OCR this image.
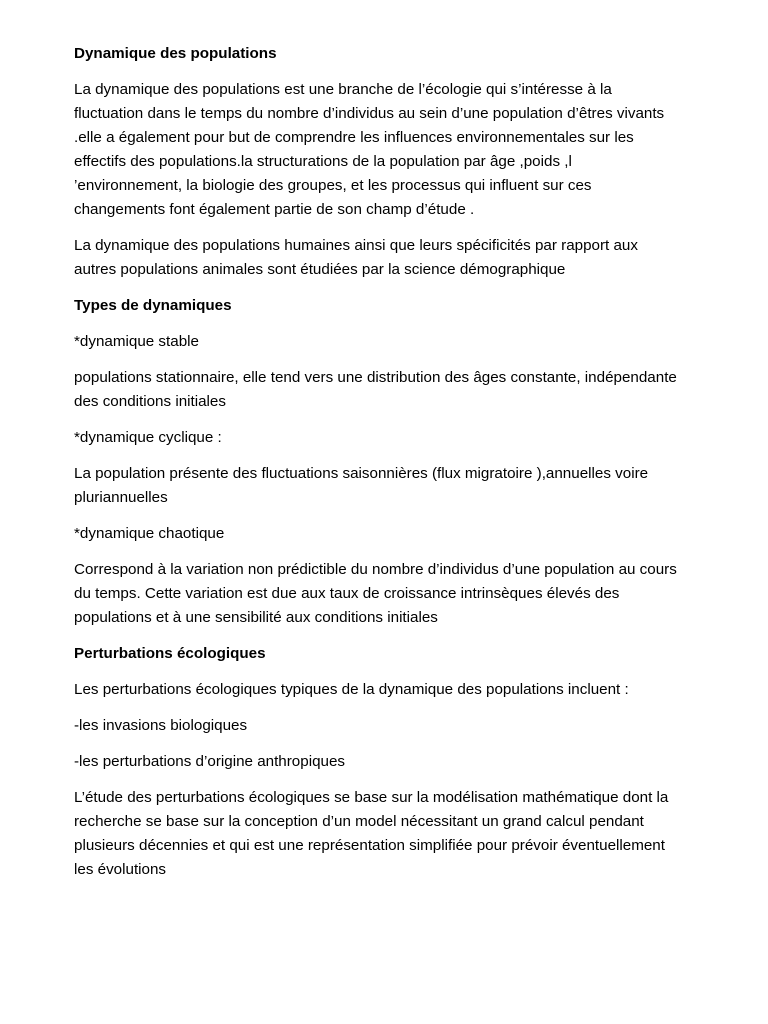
Dynamique des populations

La dynamique des populations est une branche de l’écologie qui s’intéresse à la fluctuation dans le temps du nombre d’individus au sein d’une population d’êtres vivants .elle a également pour but de comprendre les influences environnementales sur les effectifs des populations.la structurations de la population par âge ,poids ,l ’environnement, la biologie des groupes, et les processus qui influent sur ces changements font également partie de son champ d’étude .

La dynamique des populations humaines ainsi que leurs spécificités par rapport aux autres populations animales sont étudiées par la science démographique

Types de dynamiques

*dynamique stable

populations stationnaire, elle tend vers une distribution des âges constante, indépendante des conditions initiales

*dynamique cyclique :

La population présente des fluctuations saisonnières (flux migratoire ),annuelles voire pluriannuelles

*dynamique chaotique

Correspond à la variation non prédictible du nombre d’individus d’une population au cours du temps. Cette variation est due aux taux de croissance intrinsèques élevés des populations et à une sensibilité aux conditions initiales

Perturbations écologiques

Les perturbations écologiques typiques de la dynamique des populations incluent :

-les invasions biologiques

-les perturbations d’origine anthropiques

L’étude des perturbations écologiques se base sur la modélisation mathématique dont la recherche se base sur la conception d’un model nécessitant un grand calcul pendant plusieurs décennies et qui est une représentation simplifiée pour prévoir éventuellement les évolutions
